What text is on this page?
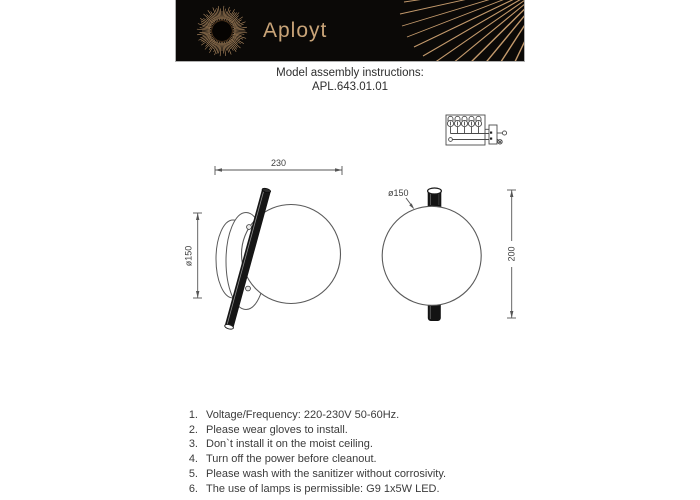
Aployt
Model assembly instructions:
APL.643.01.01
230
ø150
ø150
200
1. Voltage/Frequency: 220-230V 50-60Hz.
2. Please wear gloves to install.
3. Don`t install it on the moist ceiling.
4. Turn off the power before cleanout.
5. Please wash with the sanitizer without corrosivity.
6. The use of lamps is permissible: G9 1x5W LED.
